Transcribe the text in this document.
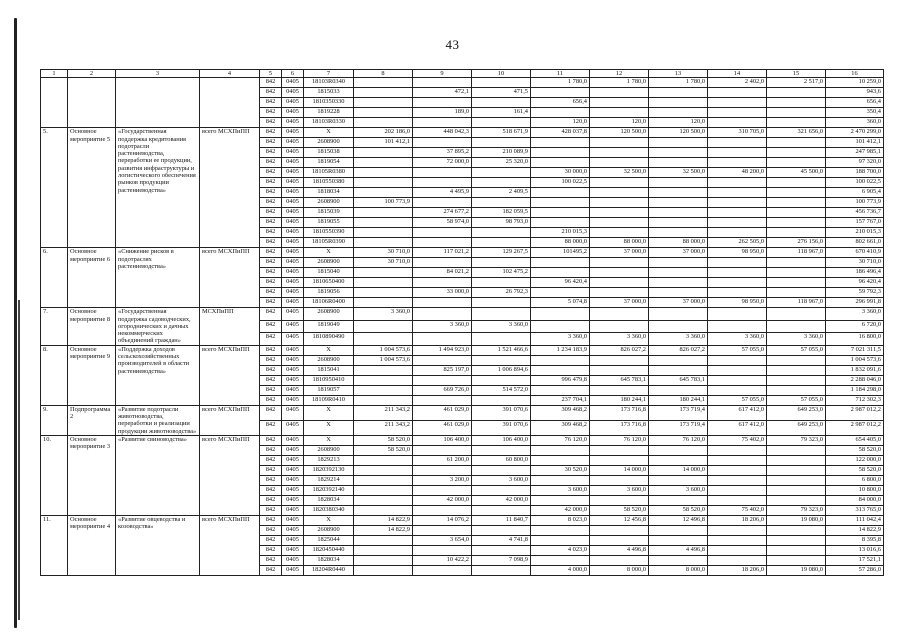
43
1	2	3	4	5	6	7	8	9	10	11	12	13	14	15	16
				842	0405	18103R0340				1 780,0	1 780,0	1 780,0	2 402,0	2 517,0	10 259,0
				842	0405	1815033		472,1	471,5						943,6
				842	0405	1810350330				656,4					656,4
				842	0405	1819228		189,0	161,4						350,4
				842	0405	18103R0330				120,0	120,0	120,0			360,0
5.	Основное мероприятие 5	«Государственная поддержка кредитования подотрасли растениеводства, переработки ее продукции, развития инфраструктуры и логистического обеспечения рынков продукции растениеводства»	всего МСХПиПП	842	0405	X	202 186,0	448 042,3	518 671,9	428 037,8	120 500,0	120 500,0	310 705,0	321 656,0	2 470 299,0
				842	0405	2608900	101 412,1								101 412,1
				842	0405	1815038		37 895,2	210 089,9						247 985,1
				842	0405	1819054		72 000,0	25 320,0						97 320,0
				842	0405	18105R0380				30 000,0	32 500,0	32 500,0	48 200,0	45 500,0	188 700,0
				842	0405	1810550380				100 022,5					100 022,5
				842	0405	1818034		4 495,9	2 409,5						6 905,4
				842	0405	2608900	100 773,9								100 773,9
				842	0405	1815039		274 677,2	182 059,5						456 736,7
				842	0405	1819055		58 974,0	98 793,0						157 767,0
				842	0405	1810550390				210 015,3					210 015,3
				842	0405	18105R0390				88 000,0	88 000,0	88 000,0	262 505,0	276 156,0	802 661,0
6.	Основное мероприятие 6	«Снижение рисков в подотраслях растениеводства»	всего МСХПиПП	842	0405	X	30 710,0	117 021,2	129 267,5	101495,2	37 000,0	37 000,0	98 950,0	118 967,0	670 410,9
				842	0405	2608900	30 710,0								30 710,0
				842	0405	1815040		84 021,2	102 475,2						186 496,4
				842	0405	1810650400				96 420,4					96 420,4
				842	0405	1819056		33 000,0	26 792,3						59 792,3
				842	0405	18106R0400				5 074,8	37 000,0	37 000,0	98 950,0	118 967,0	296 991,8
7.	Основное мероприятие 8	«Государственная поддержка садоводческих, огороднических и дачных некоммерческих объединений граждан»	МСХПиПП	842	0405	2608900	3 360,0								3 360,0
				842	0405	1819049		3 360,0	3 360,0						6 720,0
				842	0405	1810890490				3 360,0	3 360,0	3 360,0	3 360,0	3 360,0	16 800,0
8.	Основное мероприятие 9	«Поддержка доходов сельскохозяйственных производителей в области растениеводства»	всего МСХПиПП	842	0405	X	1 004 573,6	1 494 923,0	1 521 466,6	1 234 183,9	826 027,2	826 027,2	57 055,0	57 055,0	7 021 311,5
				842	0405	2608900	1 004 573,6								1 004 573,6
				842	0405	1815041		825 197,0	1 006 894,6						1 832 091,6
				842	0405	1810950410				996 479,8	645 783,1	645 783,1			2 288 046,0
				842	0405	1819057		669 726,0	514 572,0						1 184 298,0
				842	0405	18109R0410				237 704,1	180 244,1	180 244,1	57 055,0	57 055,0	712 302,3
9.	Подпрограмма 2	«Развитие подотрасли животноводства, переработки и реализации продукции животноводства»	всего МСХПиПП	842	0405	X	211 343,2	461 029,0	391 070,6	309 468,2	173 716,8	173 719,4	617 412,0	649 253,0	2 987 012,2
				842	0405	X	211 343,2	461 029,0	391 070,6	309 468,2	173 716,8	173 719,4	617 412,0	649 253,0	2 987 012,2
10.	Основное мероприятие 3	«Развитие свиноводства»	всего МСХПиПП	842	0405	X	58 520,0	106 400,0	106 400,0	76 120,0	76 120,0	76 120,0	75 402,0	79 323,0	654 405,0
				842	0405	2608900	58 520,0								58 520,0
				842	0405	1829213		61 200,0	60 800,0						122 000,0
				842	0405	1820392130				30 520,0	14 000,0	14 000,0			58 520,0
				842	0405	1829214		3 200,0	3 600,0						6 800,0
				842	0405	1820392140				3 600,0	3 600,0	3 600,0			10 800,0
				842	0405	1828034		42 000,0	42 000,0						84 000,0
				842	0405	1820380340				42 000,0	58 520,0	58 520,0	75 402,0	79 323,0	313 765,0
11.	Основное мероприятие 4	«Развитие овцеводства и козоводства»	всего МСХПиПП	842	0405	X	14 822,9	14 076,2	11 840,7	8 023,0	12 456,8	12 496,8	18 206,0	19 080,0	111 042,4
				842	0405	2608900	14 822,9								14 822,9
				842	0405	1825044		3 654,0	4 741,8						8 395,8
				842	0405	1820450440				4 023,0	4 496,8	4 496,8			13 016,6
				842	0405	1828034		10 422,2	7 098,9						17 521,1
				842	0405	18204R0440				4 000,0	8 000,0	8 000,0	18 206,0	19 080,0	57 286,0
